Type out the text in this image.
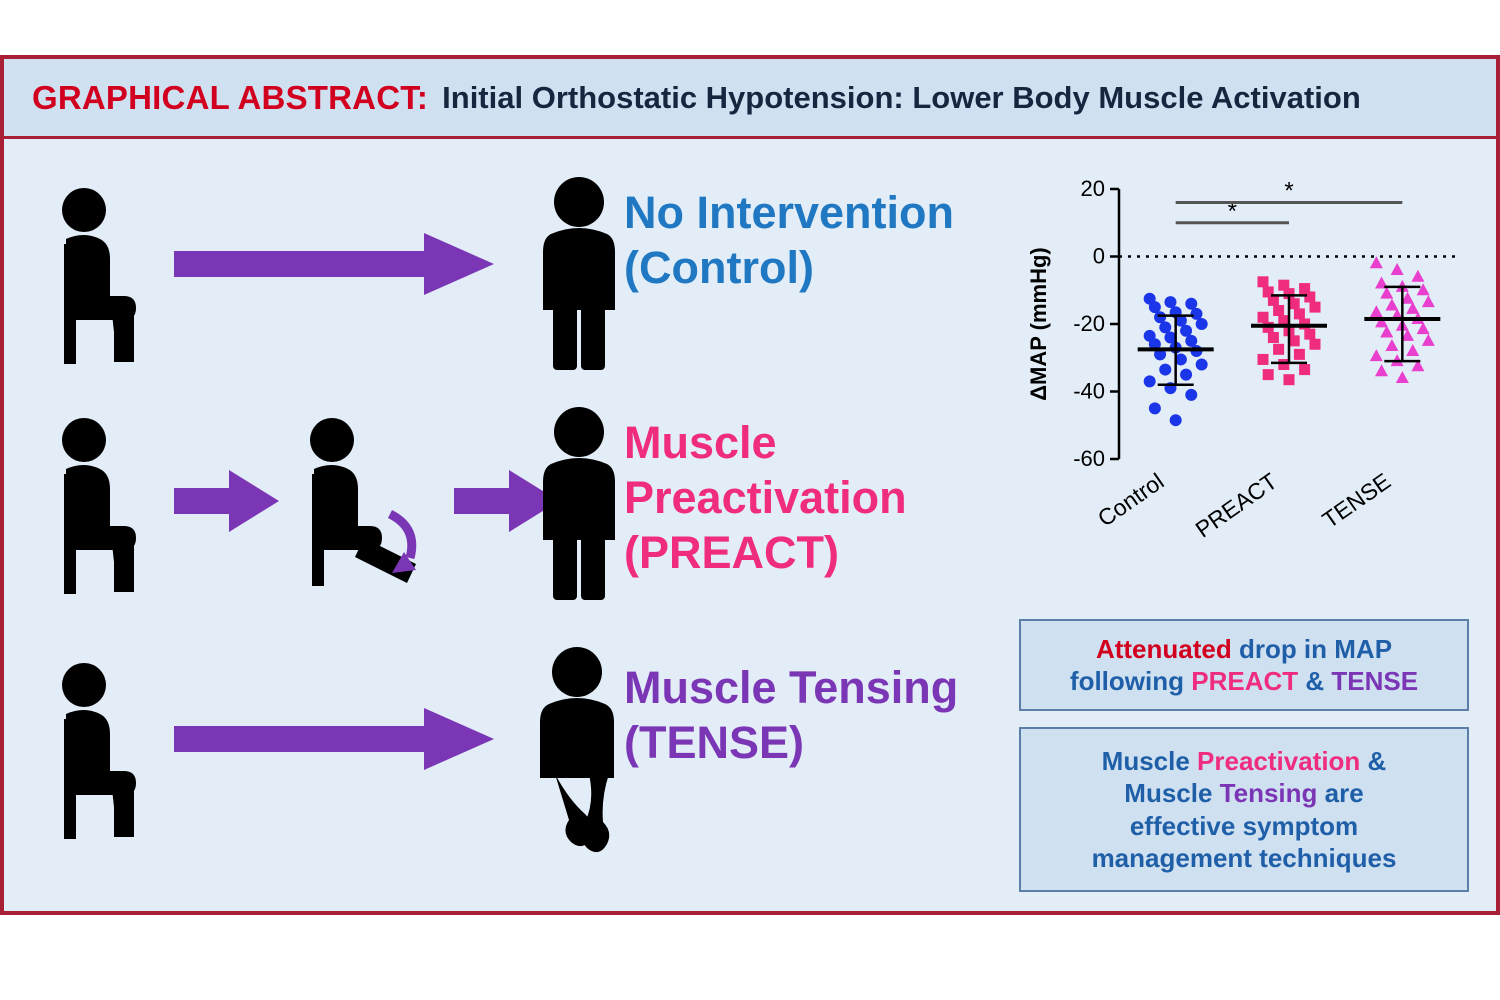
GRAPHICAL ABSTRACT: Initial Orthostatic Hypotension: Lower Body Muscle Activation
No Intervention
(Control)
Muscle
Preactivation
(PREACT)
Muscle Tensing
(TENSE)
20
0
-20
-40
-60
ΔMAP (mmHg)
Control PREACT TENSE
*
*
Attenuated drop in MAP
following PREACT & TENSE
Muscle Preactivation &
Muscle Tensing are
effective symptom
management techniques
